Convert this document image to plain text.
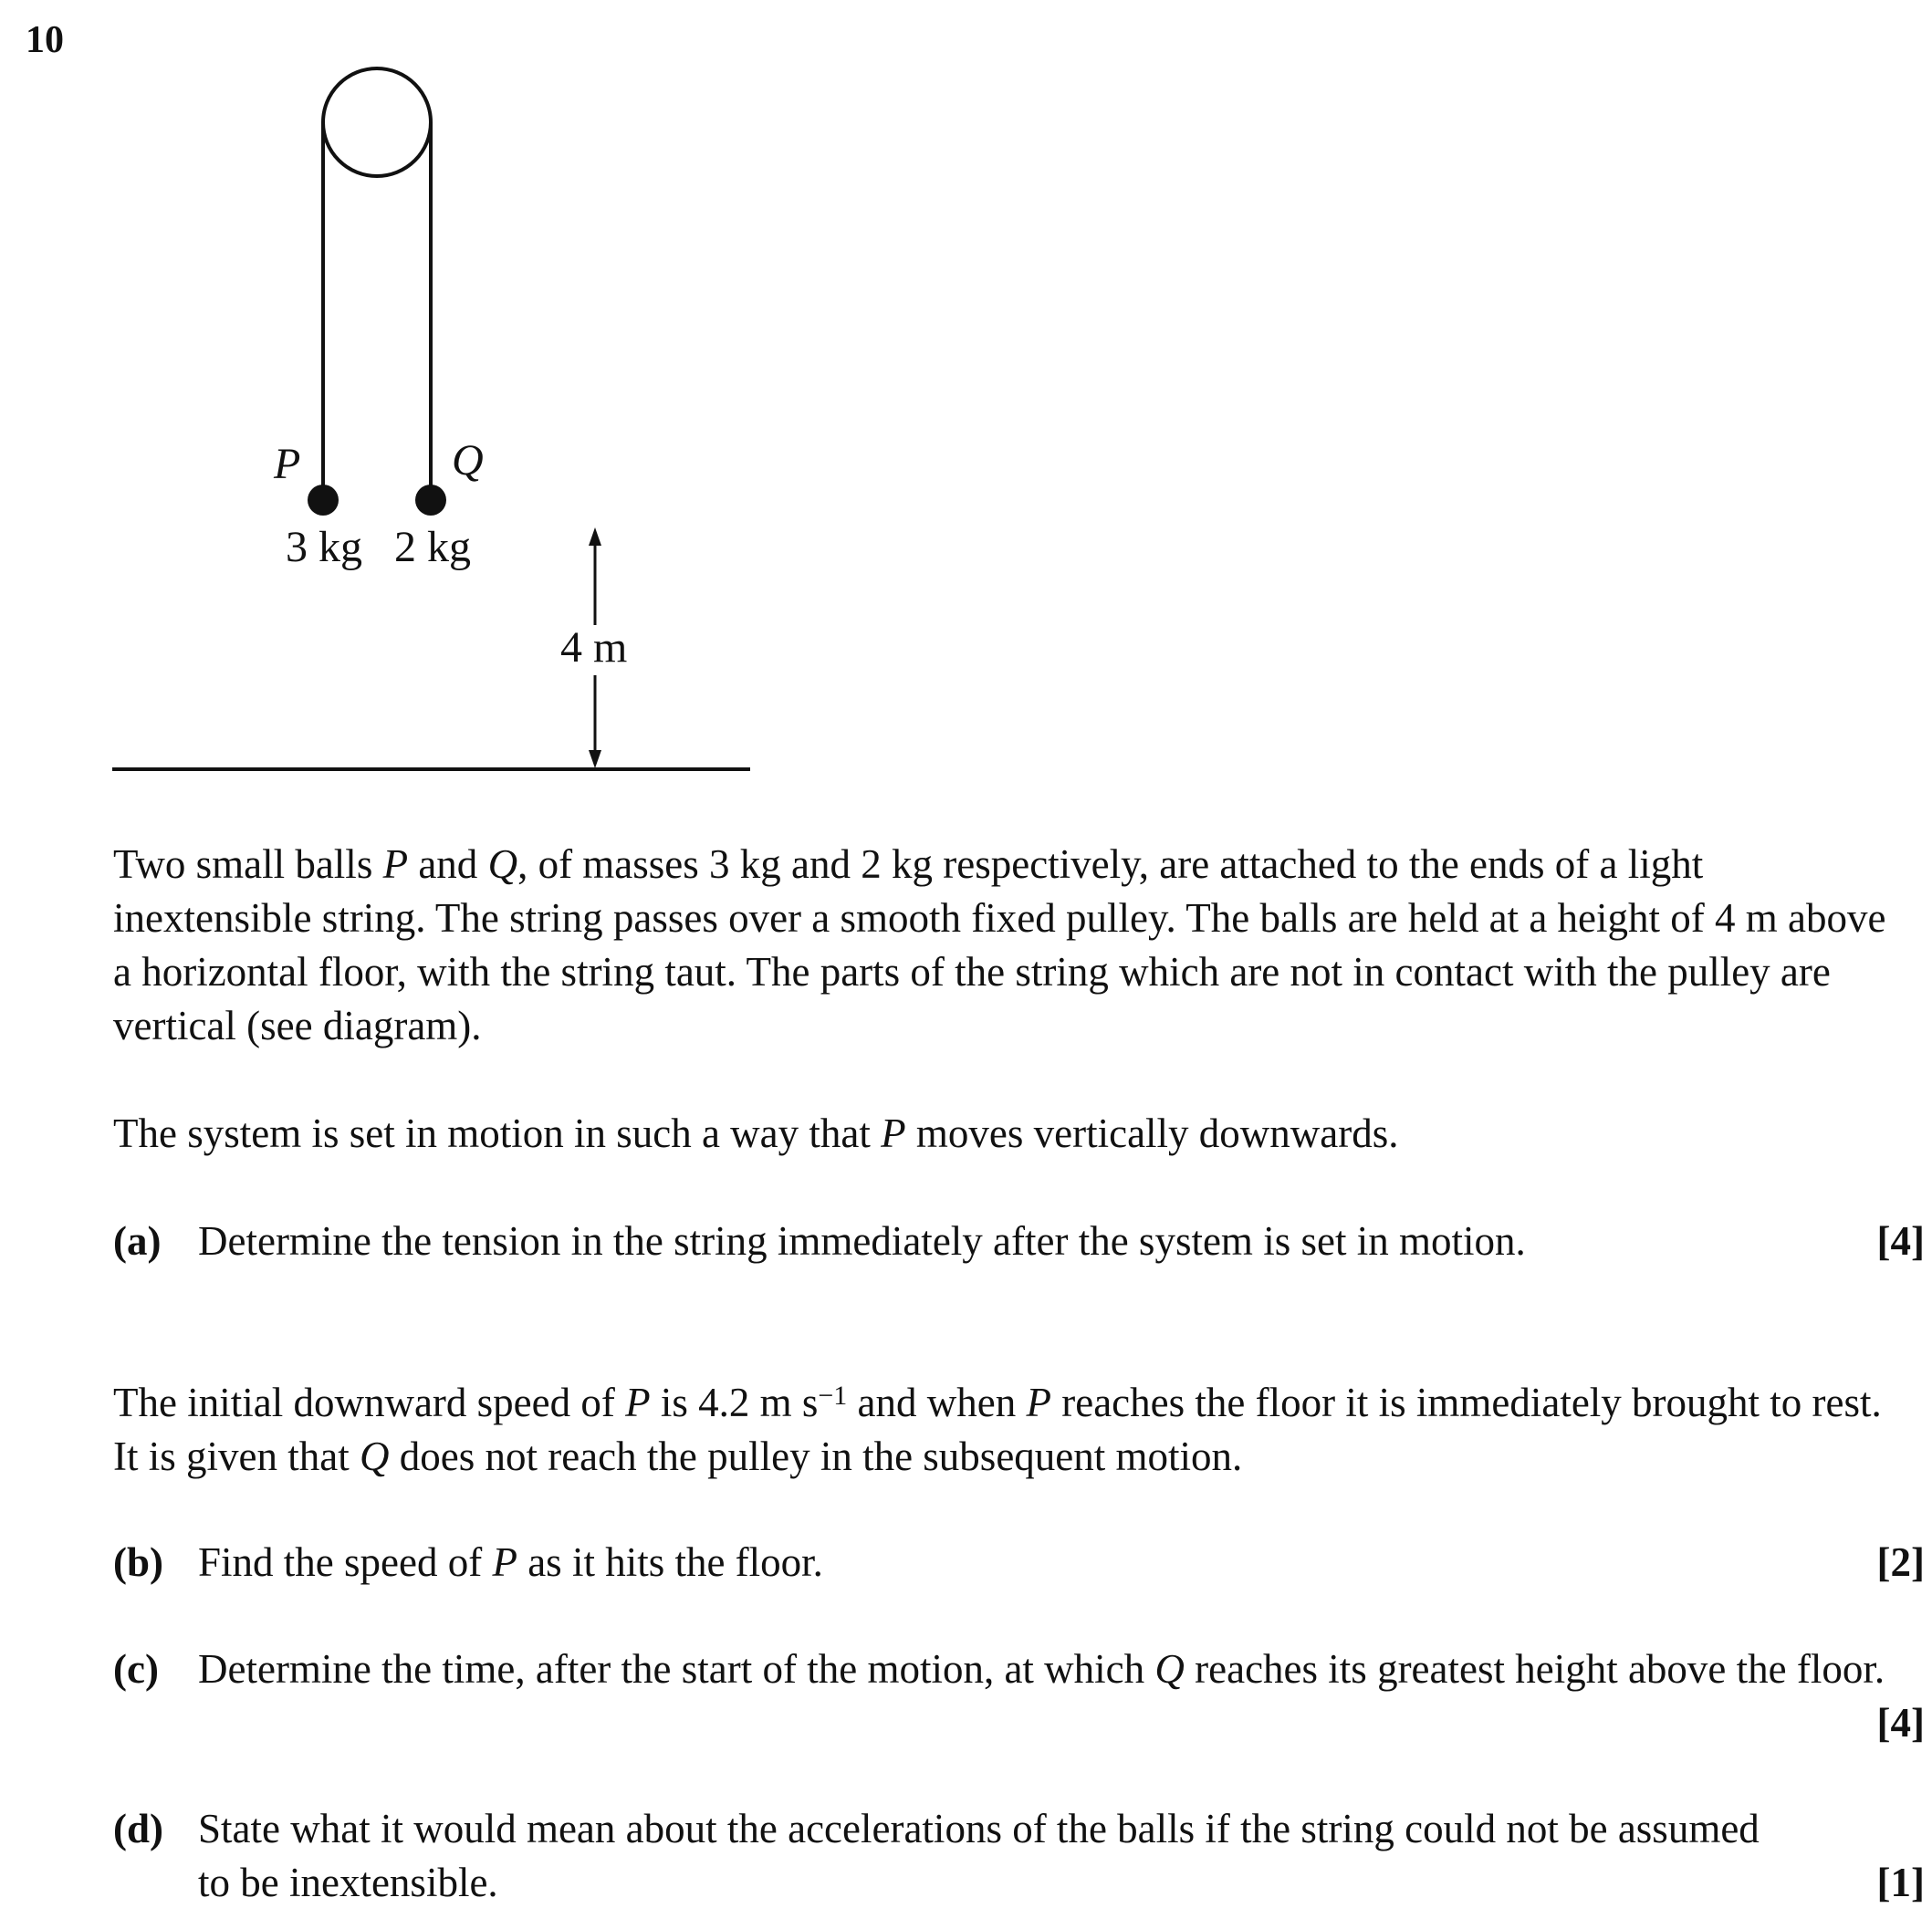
10
P	Q
3 kg 2 kg
4 m
Two small balls P and Q, of masses 3 kg and 2 kg respectively, are attached to the ends of a light inextensible string. The string passes over a smooth fixed pulley. The balls are held at a height of 4 m above a horizontal floor, with the string taut. The parts of the string which are not in contact with the pulley are vertical (see diagram).
The system is set in motion in such a way that P moves vertically downwards.
(a) Determine the tension in the string immediately after the system is set in motion.	[4]
The initial downward speed of P is 4.2 m $s^{-1}$ and when P reaches the floor it is immediately brought to rest. It is given that Q does not reach the pulley in the subsequent motion.
(b) Find the speed of P as it hits the floor.	[2]
(c) Determine the time, after the start of the motion, at which Q reaches its greatest height above the floor.
[4]
(d) State what it would mean about the accelerations of the balls if the string could not be assumed to be inextensible.	[1]
